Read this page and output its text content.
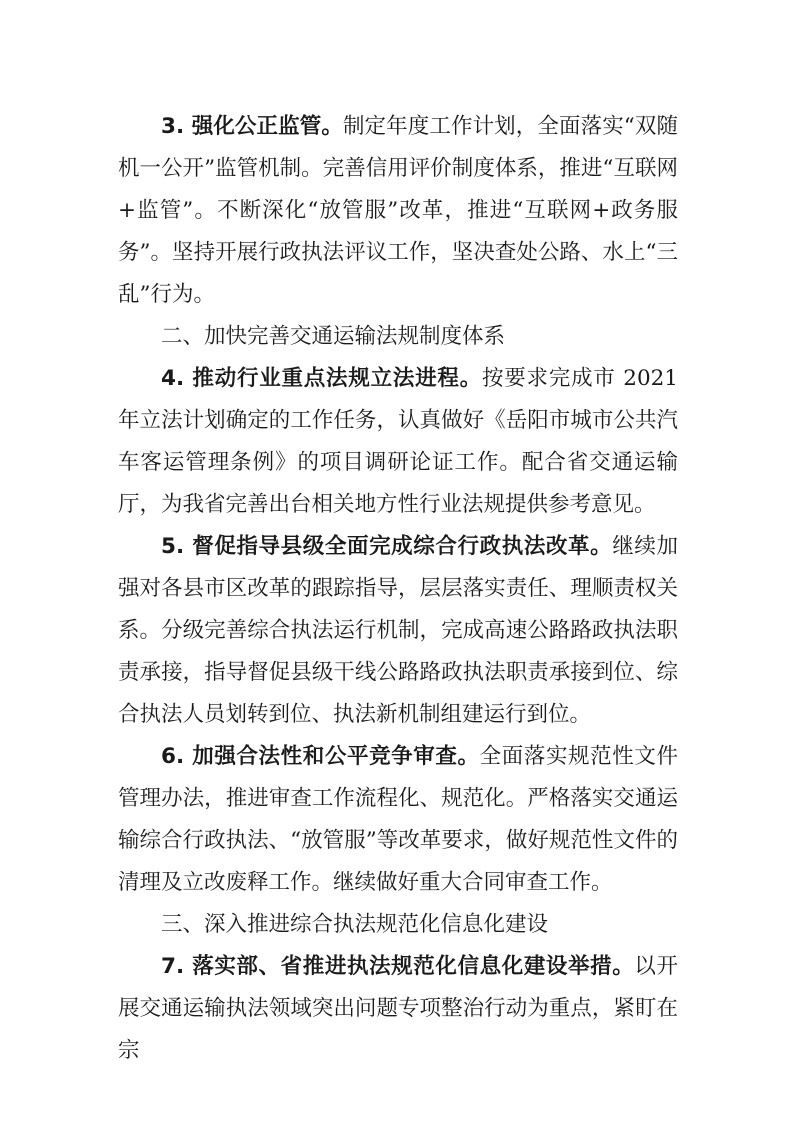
3. 强化公正监管。制定年度工作计划，全面落实“双随机一公开”监管机制。完善信用评价制度体系，推进“互联网+监管”。不断深化“放管服”改革，推进“互联网+政务服务”。坚持开展行政执法评议工作，坚决查处公路、水上“三乱”行为。

二、加快完善交通运输法规制度体系

4. 推动行业重点法规立法进程。按要求完成市 2021 年立法计划确定的工作任务，认真做好《岳阳市城市公共汽车客运管理条例》的项目调研论证工作。配合省交通运输厅，为我省完善出台相关地方性行业法规提供参考意见。

5. 督促指导县级全面完成综合行政执法改革。继续加强对各县市区改革的跟踪指导，层层落实责任、理顺责权关系。分级完善综合执法运行机制，完成高速公路路政执法职责承接，指导督促县级干线公路路政执法职责承接到位、综合执法人员划转到位、执法新机制组建运行到位。

6. 加强合法性和公平竞争审查。全面落实规范性文件管理办法，推进审查工作流程化、规范化。严格落实交通运输综合行政执法、“放管服”等改革要求，做好规范性文件的清理及立改废释工作。继续做好重大合同审查工作。

三、深入推进综合执法规范化信息化建设

7. 落实部、省推进执法规范化信息化建设举措。以开展交通运输执法领域突出问题专项整治行动为重点，紧盯在宗
